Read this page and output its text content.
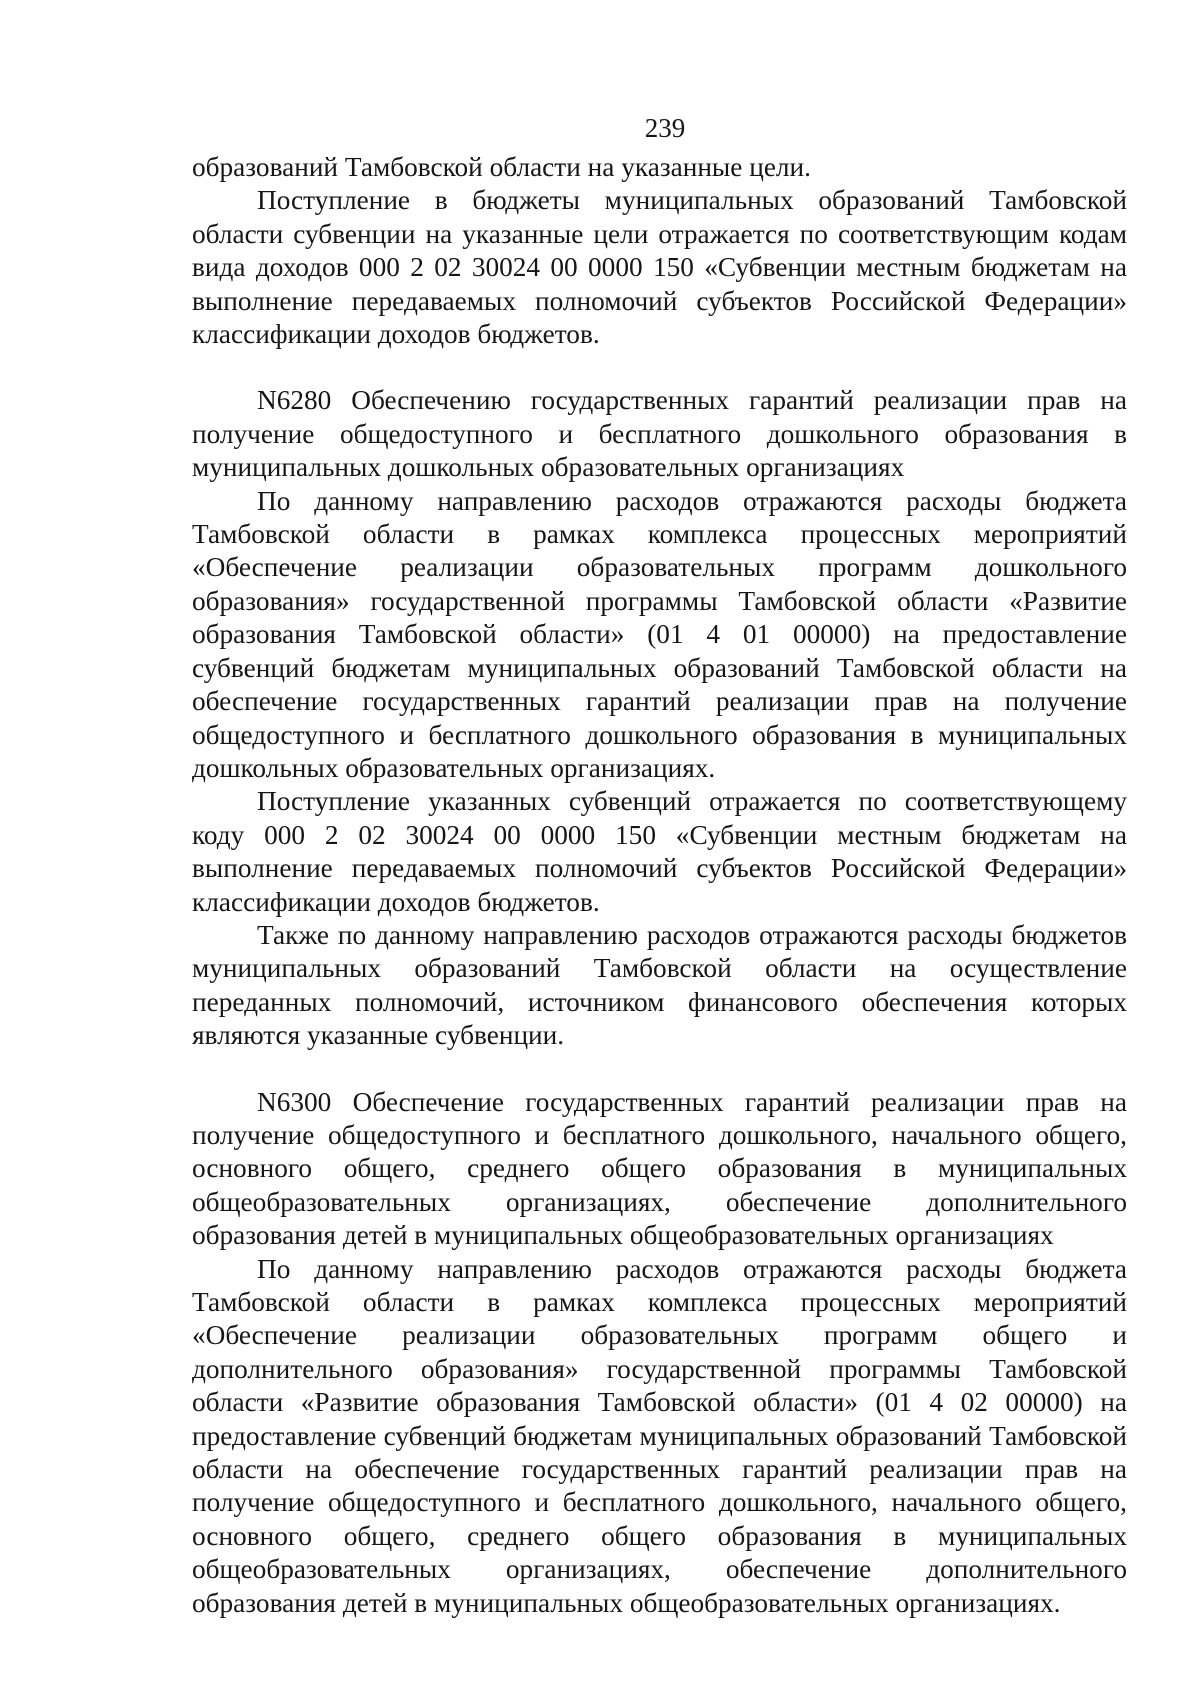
239

образований Тамбовской области на указанные цели.

Поступление в бюджеты муниципальных образований Тамбовской области субвенции на указанные цели отражается по соответствующим кодам вида доходов 000 2 02 30024 00 0000 150 «Субвенции местным бюджетам на выполнение передаваемых полномочий субъектов Российской Федерации» классификации доходов бюджетов.

N6280 Обеспечению государственных гарантий реализации прав на получение общедоступного и бесплатного дошкольного образования в муниципальных дошкольных образовательных организациях

По данному направлению расходов отражаются расходы бюджета Тамбовской области в рамках комплекса процессных мероприятий «Обеспечение реализации образовательных программ дошкольного образования» государственной программы Тамбовской области «Развитие образования Тамбовской области» (01 4 01 00000) на предоставление субвенций бюджетам муниципальных образований Тамбовской области на обеспечение государственных гарантий реализации прав на получение общедоступного и бесплатного дошкольного образования в муниципальных дошкольных образовательных организациях.

Поступление указанных субвенций отражается по соответствующему коду 000 2 02 30024 00 0000 150 «Субвенции местным бюджетам на выполнение передаваемых полномочий субъектов Российской Федерации» классификации доходов бюджетов.

Также по данному направлению расходов отражаются расходы бюджетов муниципальных образований Тамбовской области на осуществление переданных полномочий, источником финансового обеспечения которых являются указанные субвенции.

N6300 Обеспечение государственных гарантий реализации прав на получение общедоступного и бесплатного дошкольного, начального общего, основного общего, среднего общего образования в муниципальных общеобразовательных организациях, обеспечение дополнительного образования детей в муниципальных общеобразовательных организациях

По данному направлению расходов отражаются расходы бюджета Тамбовской области в рамках комплекса процессных мероприятий «Обеспечение реализации образовательных программ общего и дополнительного образования» государственной программы Тамбовской области «Развитие образования Тамбовской области» (01 4 02 00000) на предоставление субвенций бюджетам муниципальных образований Тамбовской области на обеспечение государственных гарантий реализации прав на получение общедоступного и бесплатного дошкольного, начального общего, основного общего, среднего общего образования в муниципальных общеобразовательных организациях, обеспечение дополнительного образования детей в муниципальных общеобразовательных организациях.
